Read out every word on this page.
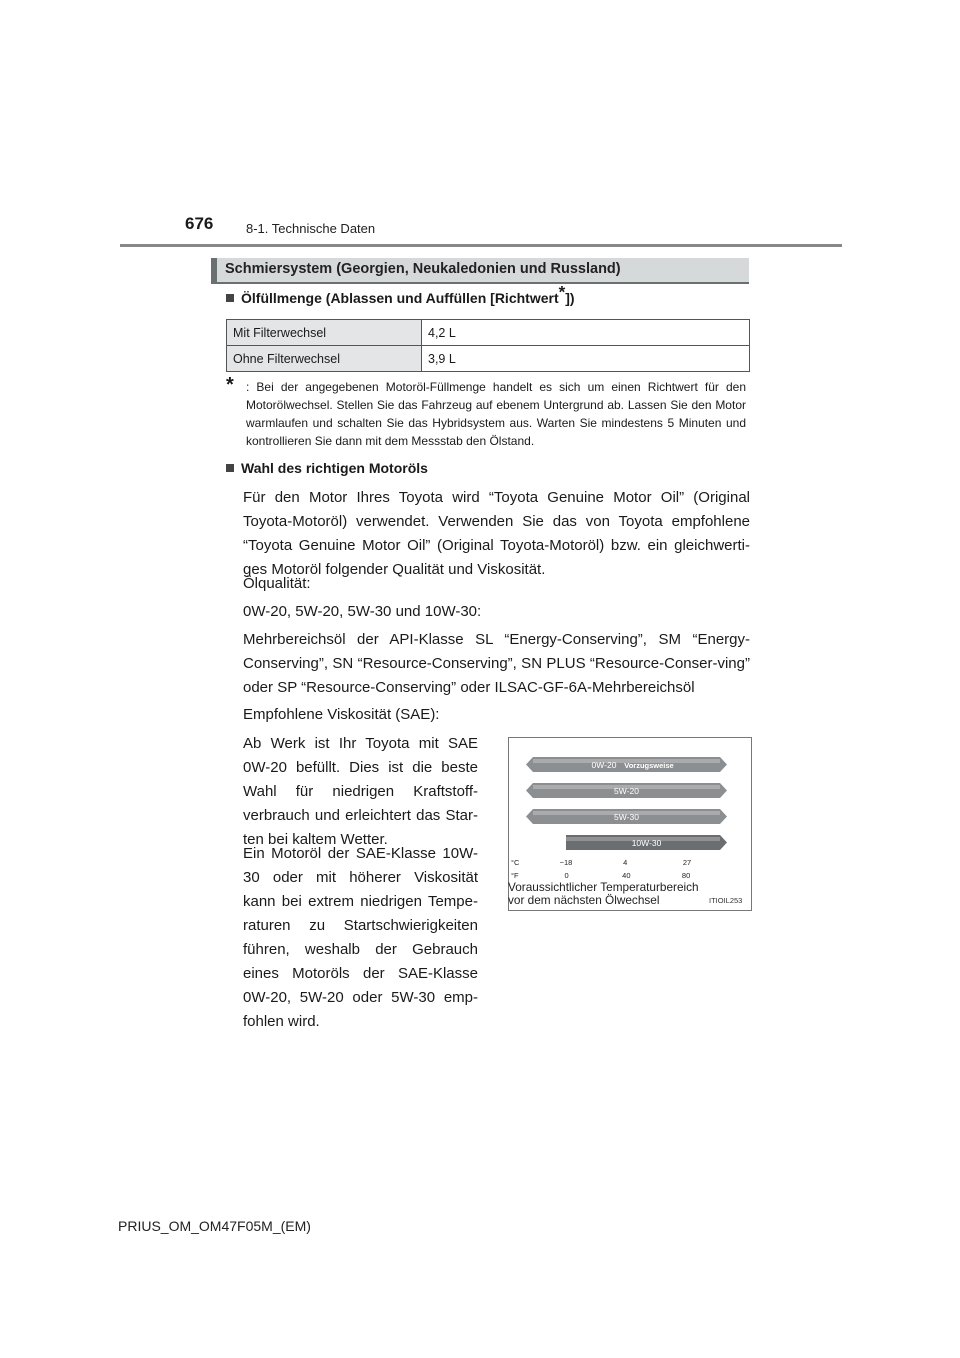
676	8-1. Technische Daten
Schmiersystem (Georgien, Neukaledonien und Russland)
Ölfüllmenge (Ablassen und Auffüllen [Richtwert*])
Mit Filterwechsel	4,2 L
Ohne Filterwechsel	3,9 L
*	: Bei der angegebenen Motoröl-Füllmenge handelt es sich um einen Richtwert für den Motorölwechsel. Stellen Sie das Fahrzeug auf ebenem Untergrund ab. Lassen Sie den Motor warmlaufen und schalten Sie das Hybridsystem aus. Warten Sie mindestens 5 Minuten und kontrollieren Sie dann mit dem Messstab den Ölstand.
Wahl des richtigen Motoröls
Für den Motor Ihres Toyota wird “Toyota Genuine Motor Oil” (Original Toyota-Motoröl) verwendet. Verwenden Sie das von Toyota empfohlene “Toyota Genuine Motor Oil” (Original Toyota-Motoröl) bzw. ein gleichwerti-ges Motoröl folgender Qualität und Viskosität.
Ölqualität:
0W-20, 5W-20, 5W-30 und 10W-30:
Mehrbereichsöl der API-Klasse SL “Energy-Conserving”, SM “Energy-Conserving”, SN “Resource-Conserving”, SN PLUS “Resource-Conser-ving” oder SP “Resource-Conserving” oder ILSAC-GF-6A-Mehrbereichsöl
Empfohlene Viskosität (SAE):
Ab Werk ist Ihr Toyota mit SAE 0W-20 befüllt. Dies ist die beste Wahl für niedrigen Kraftstoff-verbrauch und erleichtert das Star-ten bei kaltem Wetter.
Ein Motoröl der SAE-Klasse 10W-30 oder mit höherer Viskosität kann bei extrem niedrigen Tempe-raturen zu Startschwierigkeiten führen, weshalb der Gebrauch eines Motoröls der SAE-Klasse 0W-20, 5W-20 oder 5W-30 emp-fohlen wird.
0W-20 Vorzugsweise
5W-20
5W-30
10W-30
°C	−18	4	27
°F	0	40	80
Voraussichtlicher Temperaturbereich vor dem nächsten Ölwechsel	ITIOIL253
PRIUS_OM_OM47F05M_(EM)
